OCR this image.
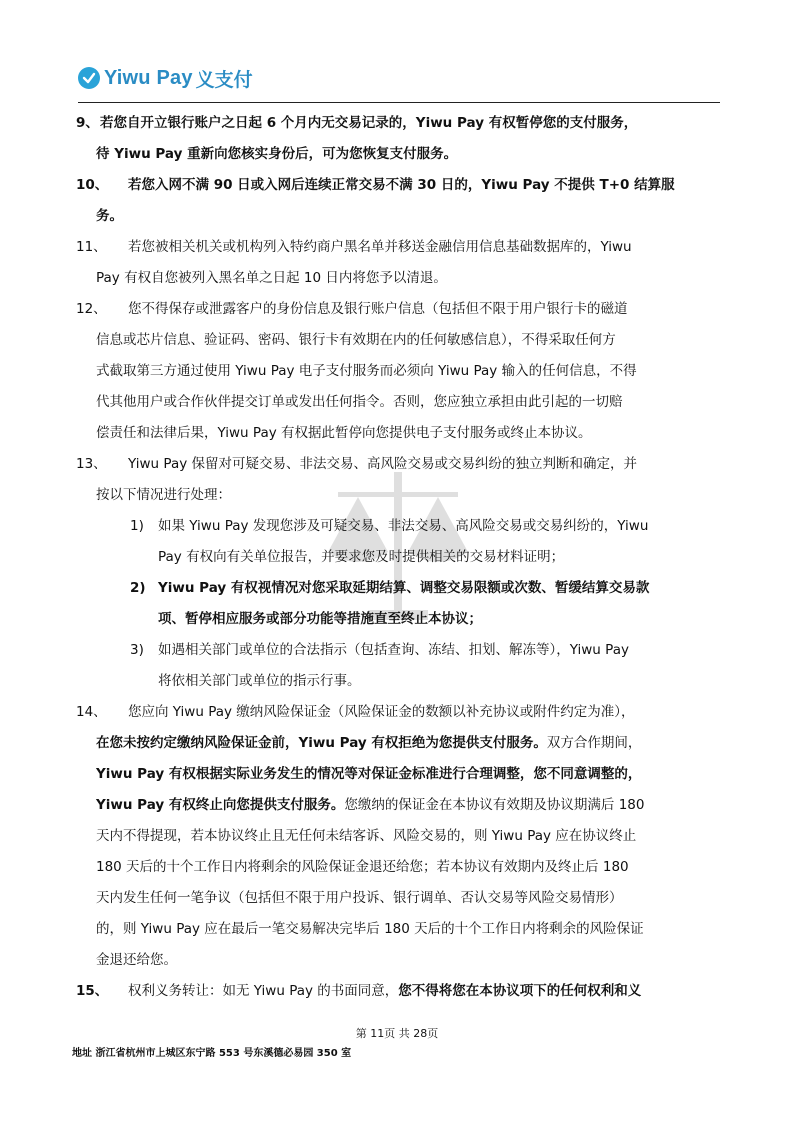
Yiwu Pay 义支付
9、 若您自开立银行账户之日起 6 个月内无交易记录的，Yiwu Pay 有权暂停您的支付服务，
待 Yiwu Pay 重新向您核实身份后，可为您恢复支付服务。
10、 若您入网不满 90 日或入网后连续正常交易不满 30 日的，Yiwu Pay 不提供 T+0 结算服
务。
11、 若您被相关机关或机构列入特约商户黑名单并移送金融信用信息基础数据库的，Yiwu
Pay 有权自您被列入黑名单之日起 10 日内将您予以清退。
12、 您不得保存或泄露客户的身份信息及银行账户信息（包括但不限于用户银行卡的磁道
信息或芯片信息、验证码、密码、银行卡有效期在内的任何敏感信息），不得采取任何方
式截取第三方通过使用 Yiwu Pay 电子支付服务而必须向 Yiwu Pay 输入的任何信息，不得
代其他用户或合作伙伴提交订单或发出任何指令。否则，您应独立承担由此引起的一切赔
偿责任和法律后果，Yiwu Pay 有权据此暂停向您提供电子支付服务或终止本协议。
13、 Yiwu Pay 保留对可疑交易、非法交易、高风险交易或交易纠纷的独立判断和确定，并
按以下情况进行处理：
1) 如果 Yiwu Pay 发现您涉及可疑交易、非法交易、高风险交易或交易纠纷的，Yiwu
Pay 有权向有关单位报告，并要求您及时提供相关的交易材料证明；
2) Yiwu Pay 有权视情况对您采取延期结算、调整交易限额或次数、暂缓结算交易款
项、暂停相应服务或部分功能等措施直至终止本协议；
3) 如遇相关部门或单位的合法指示（包括查询、冻结、扣划、解冻等），Yiwu Pay
将依相关部门或单位的指示行事。
14、 您应向 Yiwu Pay 缴纳风险保证金（风险保证金的数额以补充协议或附件约定为准），
在您未按约定缴纳风险保证金前，Yiwu Pay 有权拒绝为您提供支付服务。双方合作期间，
Yiwu Pay 有权根据实际业务发生的情况等对保证金标准进行合理调整，您不同意调整的，
Yiwu Pay 有权终止向您提供支付服务。您缴纳的保证金在本协议有效期及协议期满后 180
天内不得提现，若本协议终止且无任何未结客诉、风险交易的，则 Yiwu Pay 应在协议终止
180 天后的十个工作日内将剩余的风险保证金退还给您；若本协议有效期内及终止后 180
天内发生任何一笔争议（包括但不限于用户投诉、银行调单、否认交易等风险交易情形）
的，则 Yiwu Pay 应在最后一笔交易解决完毕后 180 天后的十个工作日内将剩余的风险保证
金退还给您。
15、 权利义务转让：如无 Yiwu Pay 的书面同意，您不得将您在本协议项下的任何权利和义
第 11页 共 28页
地址 浙江省杭州市上城区东宁路 553 号东溪德必易园 350 室
